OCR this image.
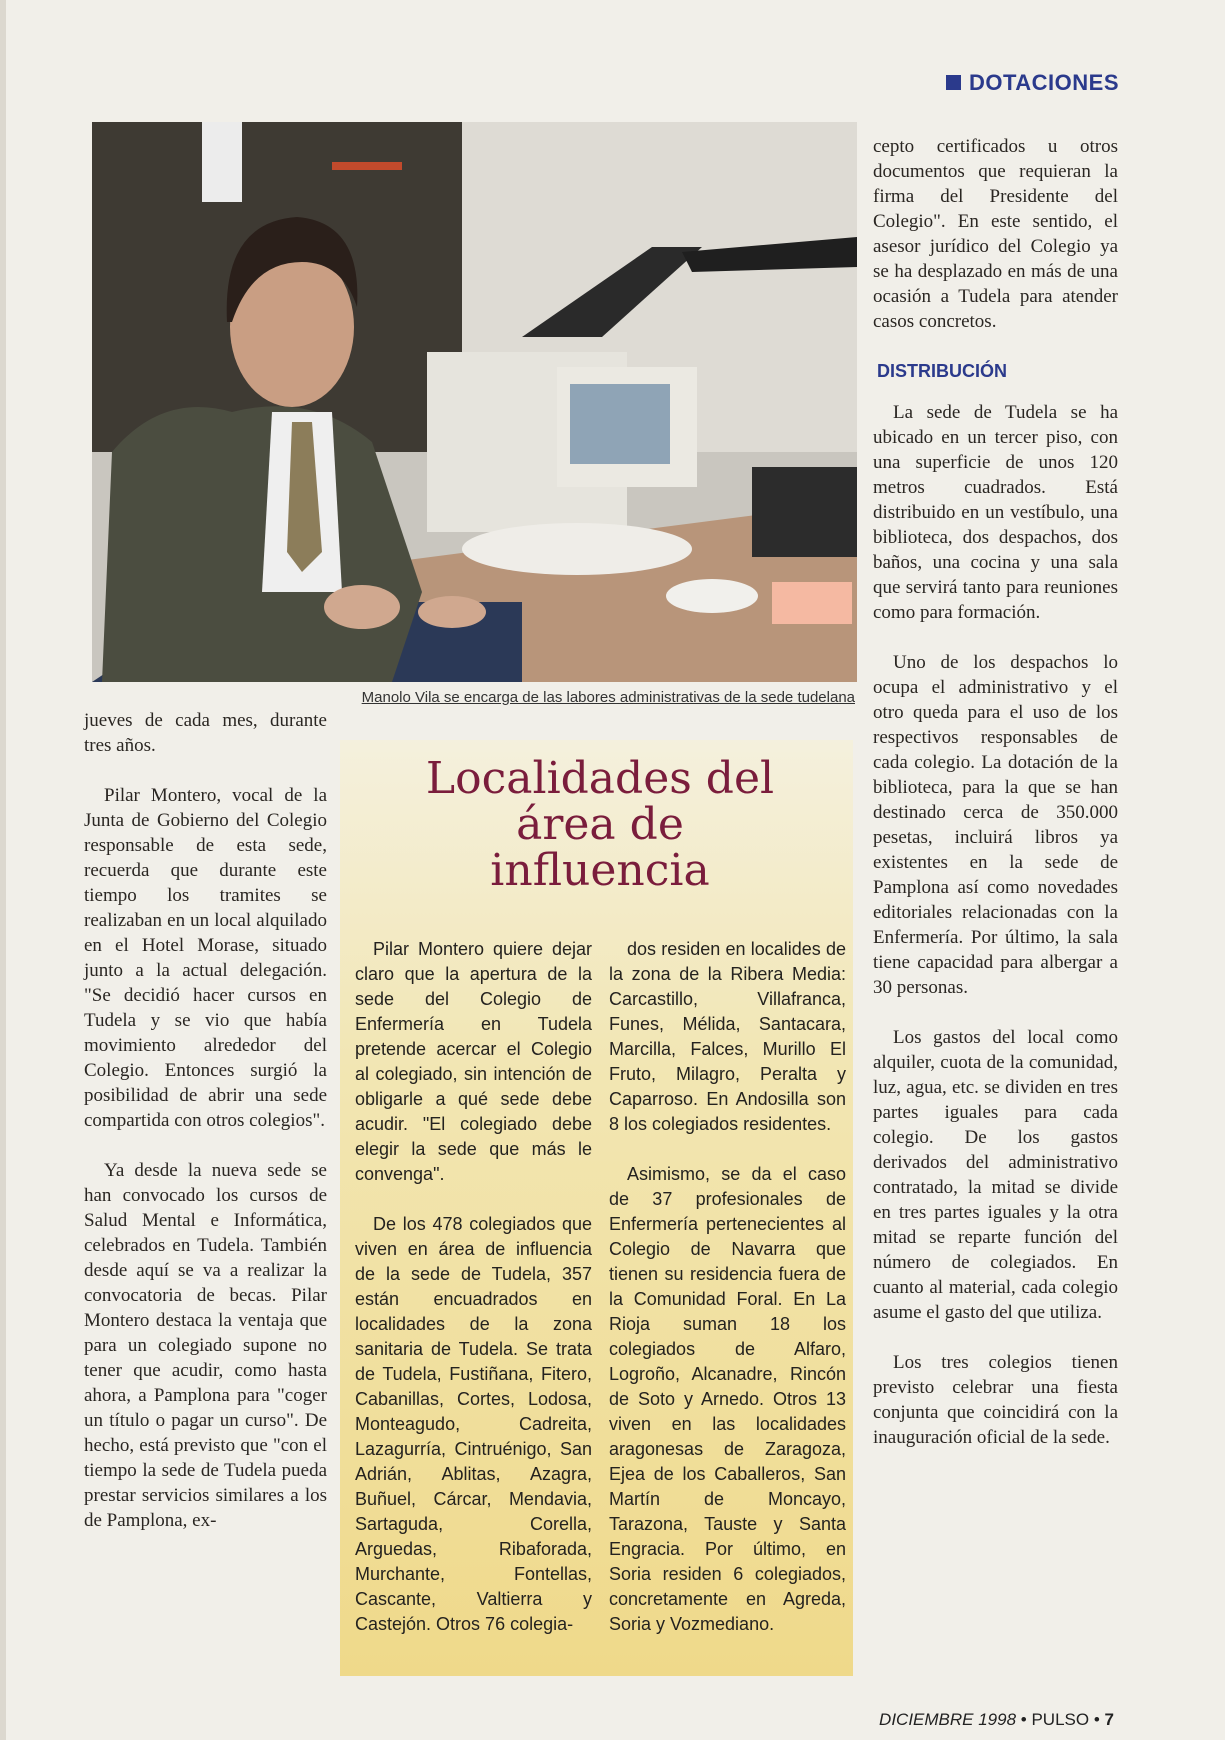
DOTACIONES
Manolo Vila se encarga de las labores administrativas de la sede tudelana

jueves de cada mes, durante tres años.

Pilar Montero, vocal de la Junta de Gobierno del Colegio responsable de esta sede, recuerda que durante este tiempo los tramites se realizaban en un local alquilado en el Hotel Morase, situado junto a la actual delegación. "Se decidió hacer cursos en Tudela y se vio que había movimiento alrededor del Colegio. Entonces surgió la posibilidad de abrir una sede compartida con otros colegios".

Ya desde la nueva sede se han convocado los cursos de Salud Mental e Informática, celebrados en Tudela. También desde aquí se va a realizar la convocatoria de becas. Pilar Montero destaca la ventaja que para un colegiado supone no tener que acudir, como hasta ahora, a Pamplona para "coger un título o pagar un curso". De hecho, está previsto que "con el tiempo la sede de Tudela pueda prestar servicios similares a los de Pamplona, ex-

Localidades del área de influencia

Pilar Montero quiere dejar claro que la apertura de la sede del Colegio de Enfermería en Tudela pretende acercar el Colegio al colegiado, sin intención de obligarle a qué sede debe acudir. "El colegiado debe elegir la sede que más le convenga".

De los 478 colegiados que viven en área de influencia de la sede de Tudela, 357 están encuadrados en localidades de la zona sanitaria de Tudela. Se trata de Tudela, Fustiñana, Fitero, Cabanillas, Cortes, Lodosa, Monteagudo, Cadreita, Lazagurría, Cintruénigo, San Adrián, Ablitas, Azagra, Buñuel, Cárcar, Mendavia, Sartaguda, Corella, Arguedas, Ribaforada, Murchante, Fontellas, Cascante, Valtierra y Castejón. Otros 76 colegia-

dos residen en localides de la zona de la Ribera Media: Carcastillo, Villafranca, Funes, Mélida, Santacara, Marcilla, Falces, Murillo El Fruto, Milagro, Peralta y Caparroso. En Andosilla son 8 los colegiados residentes.

Asimismo, se da el caso de 37 profesionales de Enfermería pertenecientes al Colegio de Navarra que tienen su residencia fuera de la Comunidad Foral. En La Rioja suman 18 los colegiados de Alfaro, Logroño, Alcanadre, Rincón de Soto y Arnedo. Otros 13 viven en las localidades aragonesas de Zaragoza, Ejea de los Caballeros, San Martín de Moncayo, Tarazona, Tauste y Santa Engracia. Por último, en Soria residen 6 colegiados, concretamente en Agreda, Soria y Vozmediano.

cepto certificados u otros documentos que requieran la firma del Presidente del Colegio". En este sentido, el asesor jurídico del Colegio ya se ha desplazado en más de una ocasión a Tudela para atender casos concretos.

DISTRIBUCIÓN

La sede de Tudela se ha ubicado en un tercer piso, con una superficie de unos 120 metros cuadrados. Está distribuido en un vestíbulo, una biblioteca, dos despachos, dos baños, una cocina y una sala que servirá tanto para reuniones como para formación.

Uno de los despachos lo ocupa el administrativo y el otro queda para el uso de los respectivos responsables de cada colegio. La dotación de la biblioteca, para la que se han destinado cerca de 350.000 pesetas, incluirá libros ya existentes en la sede de Pamplona así como novedades editoriales relacionadas con la Enfermería. Por último, la sala tiene capacidad para albergar a 30 personas.

Los gastos del local como alquiler, cuota de la comunidad, luz, agua, etc. se dividen en tres partes iguales para cada colegio. De los gastos derivados del administrativo contratado, la mitad se divide en tres partes iguales y la otra mitad se reparte función del número de colegiados. En cuanto al material, cada colegio asume el gasto del que utiliza.

Los tres colegios tienen previsto celebrar una fiesta conjunta que coincidirá con la inauguración oficial de la sede.

DICIEMBRE 1998 • PULSO • 7
